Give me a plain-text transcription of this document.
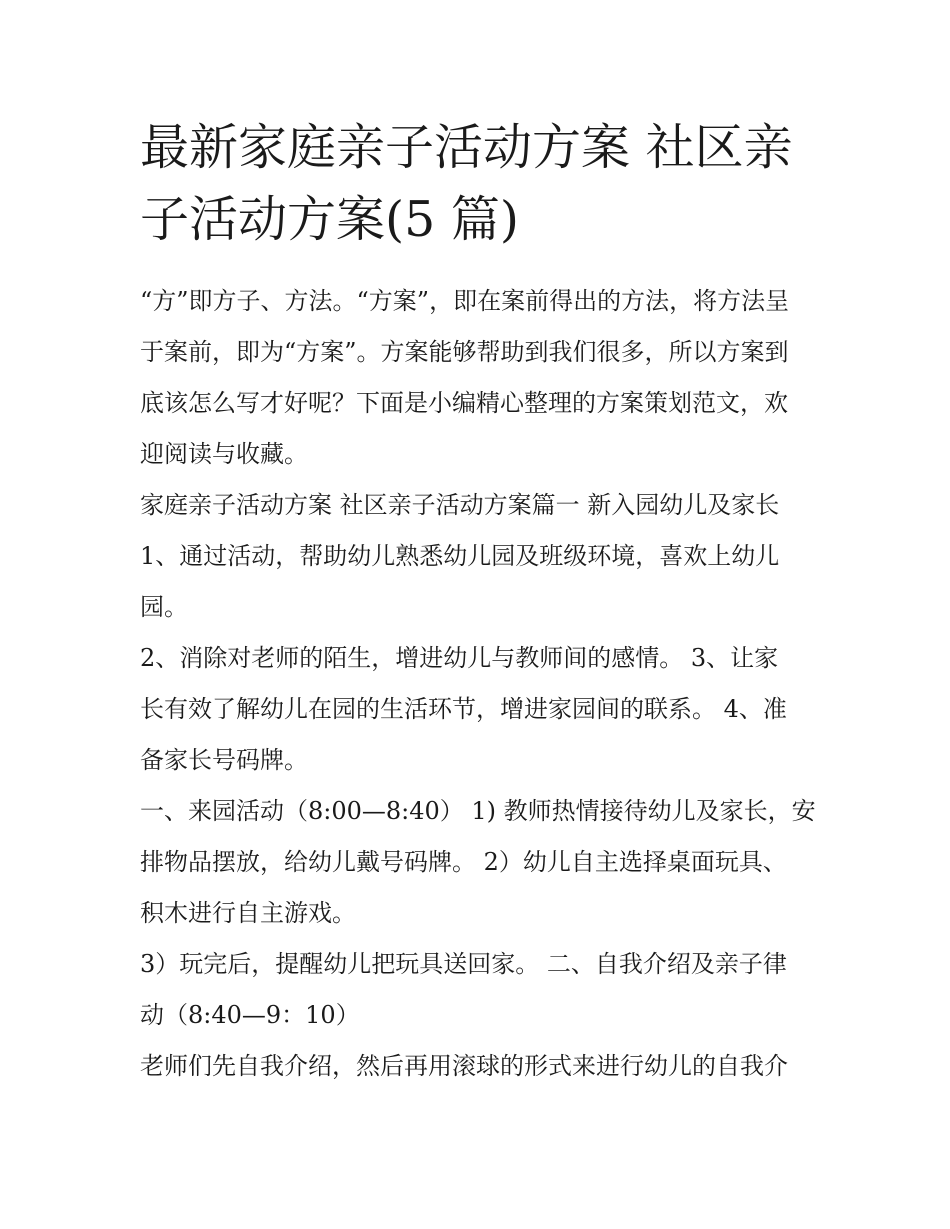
最新家庭亲子活动方案 社区亲
子活动方案(5 篇)

“方”即方子、方法。“方案”，即在案前得出的方法，将方法呈
于案前，即为“方案”。方案能够帮助到我们很多，所以方案到
底该怎么写才好呢？下面是小编精心整理的方案策划范文，欢
迎阅读与收藏。

家庭亲子活动方案 社区亲子活动方案篇一 新入园幼儿及家长

1、通过活动，帮助幼儿熟悉幼儿园及班级环境，喜欢上幼儿
园。

2、消除对老师的陌生，增进幼儿与教师间的感情。 3、让家
长有效了解幼儿在园的生活环节，增进家园间的联系。 4、准
备家长号码牌。

一、来园活动（8:00—8:40） 1) 教师热情接待幼儿及家长，安
排物品摆放，给幼儿戴号码牌。 2）幼儿自主选择桌面玩具、
积木进行自主游戏。

3）玩完后，提醒幼儿把玩具送回家。 二、自我介绍及亲子律
动（8:40—9：10）

老师们先自我介绍，然后再用滚球的形式来进行幼儿的自我介
